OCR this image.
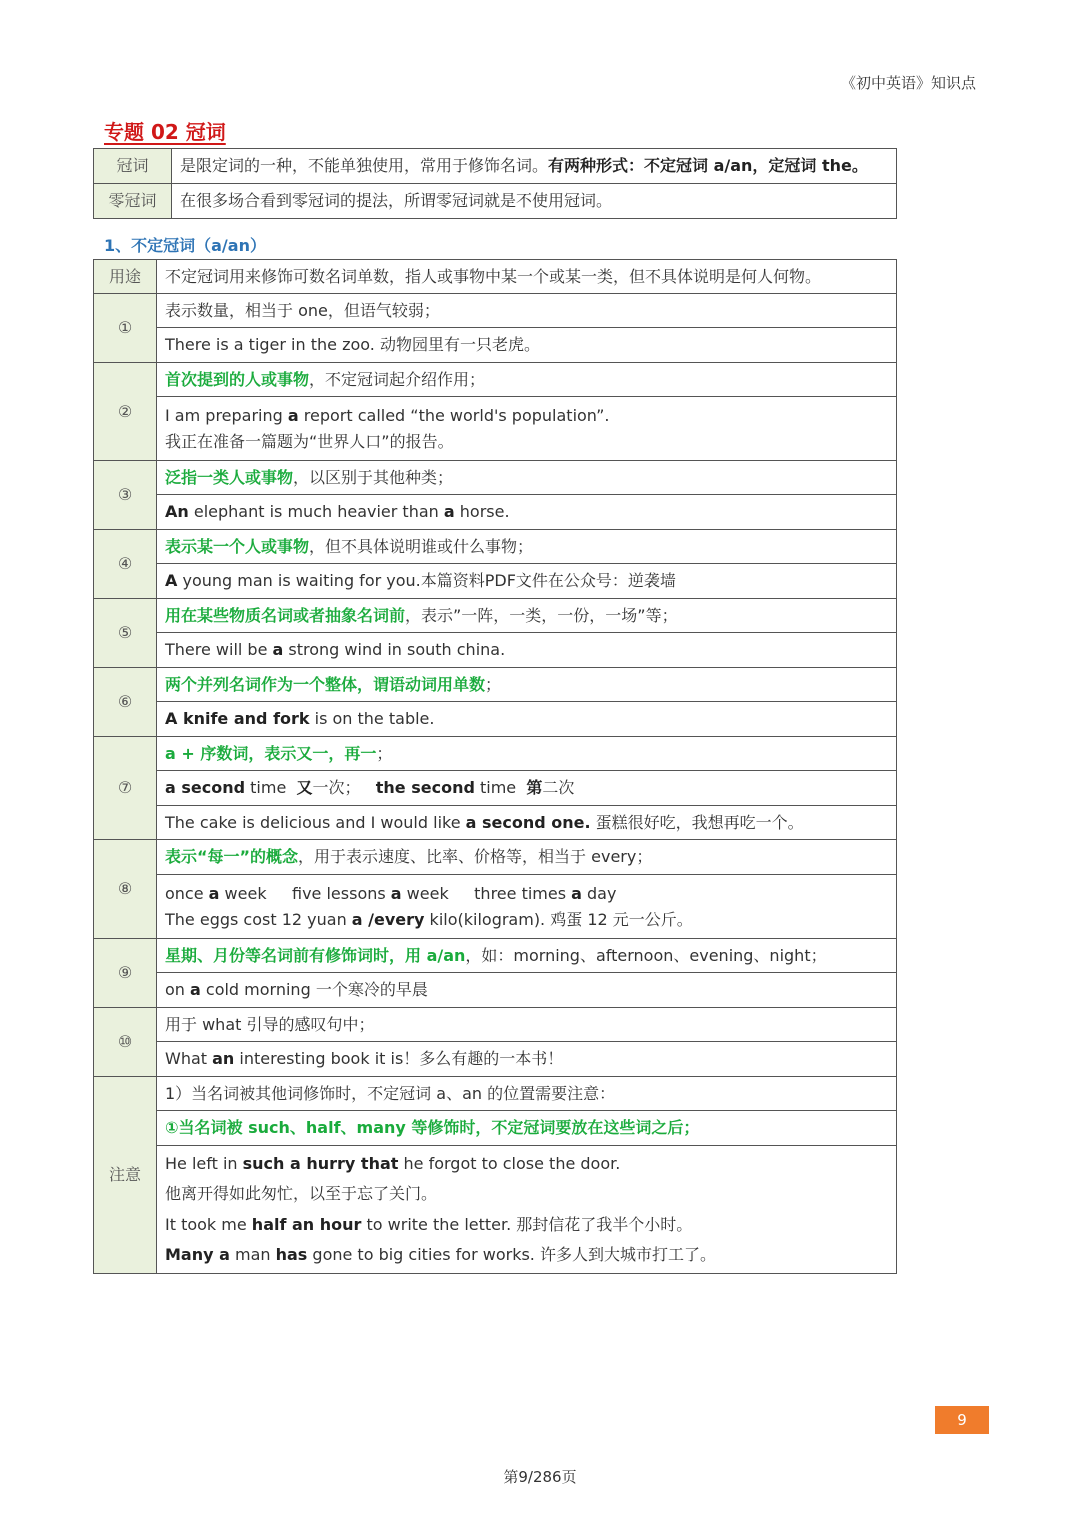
《初中英语》知识点
专题 02 冠词
冠词	是限定词的一种，不能单独使用，常用于修饰名词。有两种形式：不定冠词 a/an，定冠词 the。
零冠词	在很多场合看到零冠词的提法，所谓零冠词就是不使用冠词。
1、不定冠词（a/an）
用途	不定冠词用来修饰可数名词单数，指人或事物中某一个或某一类，但不具体说明是何人何物。
①	表示数量，相当于 one，但语气较弱；
	There is a tiger in the zoo. 动物园里有一只老虎。
②	首次提到的人或事物，不定冠词起介绍作用；

	I am preparing a report called “the world's population”.
我正在准备一篇题为“世界人口”的报告。

③	泛指一类人或事物，以区别于其他种类；
	An elephant is much heavier than a horse.
④	表示某一个人或事物，但不具体说明谁或什么事物；
	A young man is waiting for you.本篇资料PDF文件在公众号：逆袭墙
⑤	用在某些物质名词或者抽象名词前，表示”一阵，一类，一份，一场”等；
	There will be a strong wind in south china.
⑥	两个并列名词作为一个整体，谓语动词用单数；
	A knife and fork is on the table.
⑦	a + 序数词，表示又一，再一；
	a second time  又一次；   the second time  第二次
	The cake is delicious and I would like a second one. 蛋糕很好吃，我想再吃一个。
⑧	表示“每一”的概念，用于表示速度、比率、价格等，相当于 every；

	once a week     five lessons a week     three times a day
The eggs cost 12 yuan a /every kilo(kilogram). 鸡蛋 12 元一公斤。

⑨	星期、月份等名词前有修饰词时，用 a/an，如：morning、afternoon、evening、night；
	on a cold morning 一个寒冷的早晨
⑩	用于 what 引导的感叹句中；
	What an interesting book it is！多么有趣的一本书！
注意	1）当名词被其他词修饰时，不定冠词 a、an 的位置需要注意：
	①当名词被 such、half、many 等修饰时，不定冠词要放在这些词之后；

	He left in such a hurry that he forgot to close the door.
他离开得如此匆忙，以至于忘了关门。
It took me half an hour to write the letter. 那封信花了我半个小时。
Many a man has gone to big cities for works. 许多人到大城市打工了。
9
第9/286页
